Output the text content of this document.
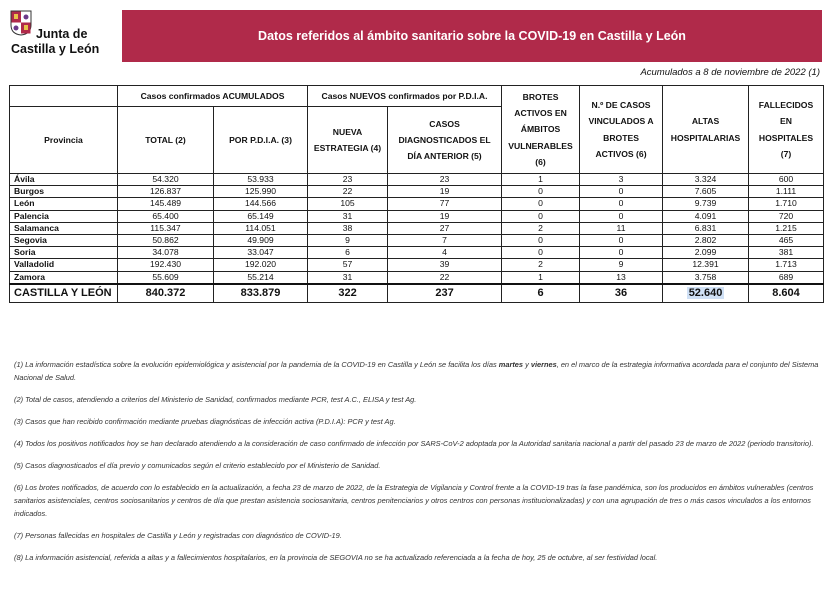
Junta de
Castilla y León
Datos referidos al ámbito sanitario sobre la COVID-19 en Castilla y León
Acumulados a 8 de noviembre de 2022 (1)
	Casos confirmados ACUMULADOS		Casos NUEVOS confirmados por P.D.I.A.		BROTES ACTIVOS EN ÁMBITOS VULNERABLES (6)	N.º DE CASOS VINCULADOS A BROTES ACTIVOS (6)	ALTAS HOSPITALARIAS	FALLECIDOS EN HOSPITALES (7)
Provincia	TOTAL (2)	POR P.D.I.A. (3)	NUEVA ESTRATEGIA (4)	CASOS DIAGNOSTICADOS EL DÍA ANTERIOR (5)				
Ávila	54.320	53.933	23	23	1	3	3.324	600
Burgos	126.837	125.990	22	19	0	0	7.605	1.111
León	145.489	144.566	105	77	0	0	9.739	1.710
Palencia	65.400	65.149	31	19	0	0	4.091	720
Salamanca	115.347	114.051	38	27	2	11	6.831	1.215
Segovia	50.862	49.909	9	7	0	0	2.802	465
Soria	34.078	33.047	6	4	0	0	2.099	381
Valladolid	192.430	192.020	57	39	2	9	12.391	1.713
Zamora	55.609	55.214	31	22	1	13	3.758	689
CASTILLA Y LEÓN	840.372	833.879	322	237	6	36	52.640	8.604

(1) La información estadística sobre la evolución epidemiológica y asistencial por la pandemia de la COVID-19 en Castilla y León se facilita los días martes y viernes, en el marco de la estrategia informativa acordada para el conjunto del Sistema Nacional de Salud.

(2) Total de casos, atendiendo a criterios del Ministerio de Sanidad, confirmados mediante PCR, test A.C., ELISA y test Ag.

(3) Casos que han recibido confirmación mediante pruebas diagnósticas de infección activa (P.D.I.A): PCR y test Ag.

(4) Todos los positivos notificados hoy se han declarado atendiendo a la consideración de caso confirmado de infección por SARS-CoV-2 adoptada por la Autoridad sanitaria nacional a partir del pasado 23 de marzo de 2022 (periodo transitorio).

(5) Casos diagnosticados el día previo y comunicados según el criterio establecido por el Ministerio de Sanidad.

(6) Los brotes notificados, de acuerdo con lo establecido en la actualización, a fecha 23 de marzo de 2022, de la Estrategia de Vigilancia y Control frente a la COVID-19 tras la fase pandémica, son los producidos en ámbitos vulnerables (centros sanitarios asistenciales, centros sociosanitarios y centros de día que prestan asistencia sociosanitaria, centros penitenciarios y otros centros con personas institucionalizadas) y con una agrupación de tres o más casos vinculados a los entornos indicados.

(7) Personas fallecidas en hospitales de Castilla y León y registradas con diagnóstico de COVID-19.

(8) La información asistencial, referida a altas y a fallecimientos hospitalarios, en la provincia de SEGOVIA no se ha actualizado referenciada a la fecha de hoy, 25 de octubre, al ser festividad local.
